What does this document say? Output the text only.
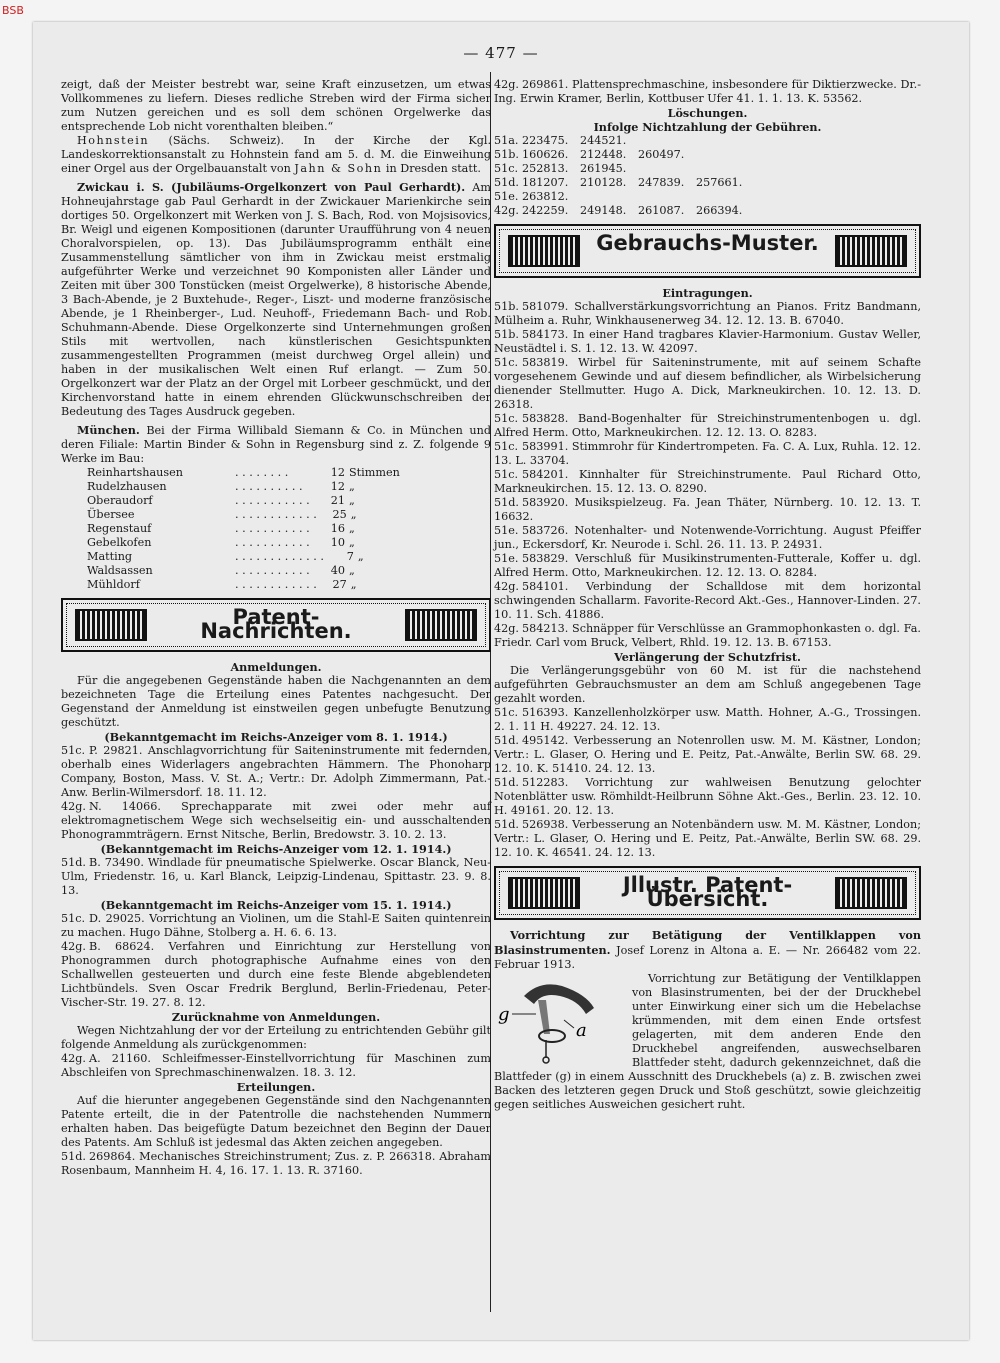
BSB
— 477 —

zeigt, daß der Meister bestrebt war, seine Kraft einzusetzen, um etwas Vollkommenes zu liefern. Dieses redliche Streben wird der Firma sicher zum Nutzen gereichen und es soll dem schönen Orgelwerke das entsprechende Lob nicht vorenthalten bleiben.“

Hohnstein (Sächs. Schweiz). In der Kirche der Kgl. Landeskorrektionsanstalt zu Hohnstein fand am 5. d. M. die Einweihung einer Orgel aus der Orgelbauanstalt von Jahn & Sohn in Dresden statt.

Zwickau i. S. (Jubiläums-Orgelkonzert von Paul Gerhardt). Am Hohneujahrstage gab Paul Gerhardt in der Zwickauer Marienkirche sein dortiges 50. Orgelkonzert mit Werken von J. S. Bach, Rod. von Mojsisovics, Br. Weigl und eigenen Kompositionen (darunter Uraufführung von 4 neuen Choralvorspielen, op. 13). Das Jubiläumsprogramm enthält eine Zusammenstellung sämtlicher von ihm in Zwickau meist erstmalig aufgeführter Werke und verzeichnet 90 Komponisten aller Länder und Zeiten mit über 300 Tonstücken (meist Orgelwerke), 8 historische Abende, 3 Bach-Abende, je 2 Buxtehude-, Reger-, Liszt- und moderne französische Abende, je 1 Rheinberger-, Lud. Neuhoff-, Friedemann Bach- und Rob. Schuhmann-Abende. Diese Orgelkonzerte sind Unternehmungen großen Stils mit wertvollen, nach künstlerischen Gesichtspunkten zusammengestellten Programmen (meist durchweg Orgel allein) und haben in der musikalischen Welt einen Ruf erlangt. — Zum 50. Orgelkonzert war der Platz an der Orgel mit Lorbeer geschmückt, und der Kirchenvorstand hatte in einem ehrenden Glückwunschschreiben der Bedeutung des Tages Ausdruck gegeben.

München. Bei der Firma Willibald Siemann & Co. in München und deren Filiale: Martin Binder & Sohn in Regensburg sind z. Z. folgende 9 Werke im Bau:

Reinhartshausen	. . . . . . . .	12 Stimmen
Rudelzhausen	. . . . . . . . . .	12 „
Oberaudorf	. . . . . . . . . . .	21 „
Übersee	. . . . . . . . . . . .	25 „
Regenstauf	. . . . . . . . . . .	16 „
Gebelkofen	. . . . . . . . . . .	10 „
Matting	. . . . . . . . . . . . .	7 „
Waldsassen	. . . . . . . . . . .	40 „
Mühldorf	. . . . . . . . . . . .	27 „
Patent-Nachrichten.

Anmeldungen.

Für die angegebenen Gegenstände haben die Nachgenannten an dem bezeichneten Tage die Erteilung eines Patentes nachgesucht. Der Gegenstand der Anmeldung ist einstweilen gegen unbefugte Benutzung geschützt.

(Bekanntgemacht im Reichs-Anzeiger vom 8. 1. 1914.)

51c. P. 29821. Anschlagvorrichtung für Saiteninstrumente mit federnden, oberhalb eines Widerlagers angebrachten Hämmern. The Phonoharp Company, Boston, Mass. V. St. A.; Vertr.: Dr. Adolph Zimmermann, Pat.-Anw. Berlin-Wilmersdorf. 18. 11. 12.

42g. N. 14066. Sprechapparate mit zwei oder mehr auf elektromagnetischem Wege sich wechselseitig ein- und ausschaltenden Phonogrammträgern. Ernst Nitsche, Berlin, Bredowstr. 3. 10. 2. 13.

(Bekanntgemacht im Reichs-Anzeiger vom 12. 1. 1914.)

51d. B. 73490. Windlade für pneumatische Spielwerke. Oscar Blanck, Neu-Ulm, Friedenstr. 16, u. Karl Blanck, Leipzig-Lindenau, Spittastr. 23. 9. 8. 13.

(Bekanntgemacht im Reichs-Anzeiger vom 15. 1. 1914.)

51c. D. 29025. Vorrichtung an Violinen, um die Stahl-E Saiten quintenrein zu machen. Hugo Dähne, Stolberg a. H. 6. 6. 13.

42g. B. 68624. Verfahren und Einrichtung zur Herstellung von Phonogrammen durch photographische Aufnahme eines von den Schallwellen gesteuerten und durch eine feste Blende abgeblendeten Lichtbündels. Sven Oscar Fredrik Berglund, Berlin-Friedenau, Peter-Vischer-Str. 19. 27. 8. 12.

Zurücknahme von Anmeldungen.

Wegen Nichtzahlung der vor der Erteilung zu entrichtenden Gebühr gilt folgende Anmeldung als zurückgenommen:

42g. A. 21160. Schleifmesser-Einstellvorrichtung für Maschinen zum Abschleifen von Sprechmaschinenwalzen. 18. 3. 12.

Erteilungen.

Auf die hierunter angegebenen Gegenstände sind den Nachgenannten Patente erteilt, die in der Patentrolle die nachstehenden Nummern erhalten haben. Das beigefügte Datum bezeichnet den Beginn der Dauer des Patents. Am Schluß ist jedesmal das Akten zeichen angegeben.

51d. 269864. Mechanisches Streichinstrument; Zus. z. P. 266318. Abraham Rosenbaum, Mannheim H. 4, 16. 17. 1. 13. R. 37160.

42g. 269861. Plattensprechmaschine, insbesondere für Diktierzwecke. Dr.-Ing. Erwin Kramer, Berlin, Kottbuser Ufer 41. 1. 1. 13. K. 53562.

Löschungen.

Infolge Nichtzahlung der Gebühren.

51a.	223475.	244521.		
51b.	160626.	212448.	260497.	
51c.	252813.	261945.		
51d.	181207.	210128.	247839.	257661.
51e.	263812.			
42g.	242259.	249148.	261087.	266394.
Gebrauchs-Muster.

Eintragungen.

51b. 581079. Schallverstärkungsvorrichtung an Pianos. Fritz Bandmann, Mülheim a. Ruhr, Winkhausenerweg 34. 12. 12. 13. B. 67040.

51b. 584173. In einer Hand tragbares Klavier-Harmonium. Gustav Weller, Neustädtel i. S. 1. 12. 13. W. 42097.

51c. 583819. Wirbel für Saiteninstrumente, mit auf seinem Schafte vorgesehenem Gewinde und auf diesem befindlicher, als Wirbelsicherung dienender Stellmutter. Hugo A. Dick, Markneukirchen. 10. 12. 13. D. 26318.

51c. 583828. Band-Bogenhalter für Streichinstrumentenbogen u. dgl. Alfred Herm. Otto, Markneukirchen. 12. 12. 13. O. 8283.

51c. 583991. Stimmrohr für Kindertrompeten. Fa. C. A. Lux, Ruhla. 12. 12. 13. L. 33704.

51c. 584201. Kinnhalter für Streichinstrumente. Paul Richard Otto, Markneukirchen. 15. 12. 13. O. 8290.

51d. 583920. Musikspielzeug. Fa. Jean Thäter, Nürnberg. 10. 12. 13. T. 16632.

51e. 583726. Notenhalter- und Notenwende-Vorrichtung. August Pfeiffer jun., Eckersdorf, Kr. Neurode i. Schl. 26. 11. 13. P. 24931.

51e. 583829. Verschluß für Musikinstrumenten-Futterale, Koffer u. dgl. Alfred Herm. Otto, Markneukirchen. 12. 12. 13. O. 8284.

42g. 584101. Verbindung der Schalldose mit dem horizontal schwingenden Schallarm. Favorite-Record Akt.-Ges., Hannover-Linden. 27. 10. 11. Sch. 41886.

42g. 584213. Schnäpper für Verschlüsse an Grammophonkasten o. dgl. Fa. Friedr. Carl vom Bruck, Velbert, Rhld. 19. 12. 13. B. 67153.

Verlängerung der Schutzfrist.

Die Verlängerungsgebühr von 60 M. ist für die nachstehend aufgeführten Gebrauchsmuster an dem am Schluß angegebenen Tage gezahlt worden.

51c. 516393. Kanzellenholzkörper usw. Matth. Hohner, A.-G., Trossingen. 2. 1. 11 H. 49227. 24. 12. 13.

51d. 495142. Verbesserung an Notenrollen usw. M. M. Kästner, London; Vertr.: L. Glaser, O. Hering und E. Peitz, Pat.-Anwälte, Berlin SW. 68. 29. 12. 10. K. 51410. 24. 12. 13.

51d. 512283. Vorrichtung zur wahlweisen Benutzung gelochter Notenblätter usw. Römhildt-Heilbrunn Söhne Akt.-Ges., Berlin. 23. 12. 10. H. 49161. 20. 12. 13.

51d. 526938. Verbesserung an Notenbändern usw. M. M. Kästner, London; Vertr.: L. Glaser, O. Hering und E. Peitz, Pat.-Anwälte, Berlin SW. 68. 29. 12. 10. K. 46541. 24. 12. 13.

Jllustr. Patent-Übersicht.

Vorrichtung zur Betätigung der Ventilklappen von Blasinstrumenten. Josef Lorenz in Altona a. E. — Nr. 266482 vom 22. Februar 1913.

g
a

Vorrichtung zur Betätigung der Ventilklappen von Blasinstrumenten, bei der der Druckhebel unter Einwirkung einer sich um die Hebelachse krümmenden, mit dem einen Ende ortsfest gelagerten, mit dem anderen Ende den Druckhebel angreifenden, auswechselbaren Blattfeder steht, dadurch gekennzeichnet, daß die Blattfeder (g) in einem Ausschnitt des Druckhebels (a) z. B. zwischen zwei Backen des letzteren gegen Druck und Stoß geschützt, sowie gleichzeitig gegen seitliches Ausweichen gesichert ruht.
